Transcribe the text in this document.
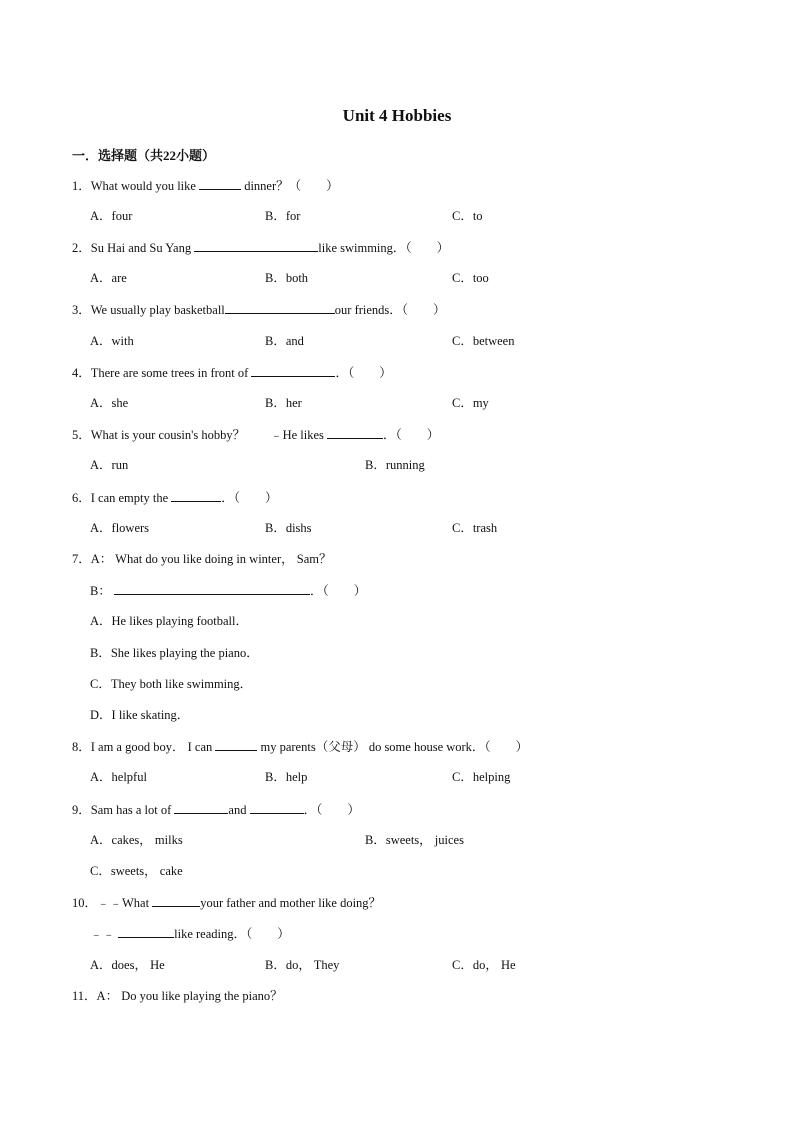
Unit 4 Hobbies
一．选择题（共22小题）
1．What would you like	dinner？（　　）
A．four	B．for	C．to
2．Su Hai and Su Yang	like swimming．（　　）
A．are	B．both	C．too
3．We usually play basketball	our friends．（　　）
A．with	B．and	C．between
4．There are some trees in front of	．（　　）
A．she	B．her	C．my
5．What is your cousin's hobby？　　﹣He likes	．（　　）
A．run	B．running
6．I can empty the	．（　　）
A．flowers	B．dishs	C．trash
7．A： What do you like doing in winter， Sam？
B：	．（　　）
A．He likes playing football．
B．She likes playing the piano．
C．They both like swimming．
D．I like skating．
8．I am a good boy． I can	my parents（父母） do some house work．（　　）
A．helpful	B．help	C．helping
9．Sam has a lot of	and	．（　　）
A．cakes， milks	B．sweets， juices
C．sweets， cake
10．﹣﹣What	your father and mother like doing？
﹣﹣	like reading．（　　）
A．does， He	B．do， They	C．do， He
11．A： Do you like playing the piano？
